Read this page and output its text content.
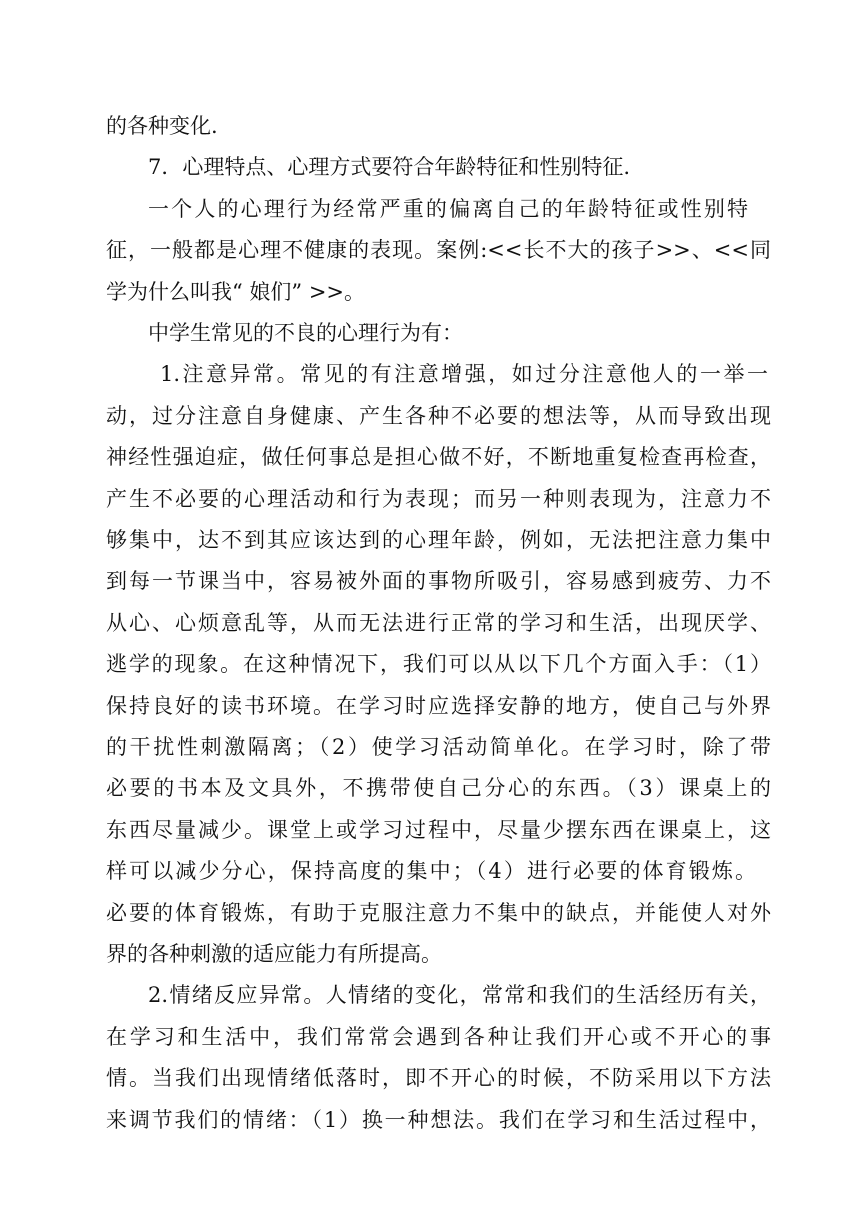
的各种变化.
7．心理特点、心理方式要符合年龄特征和性别特征.
一个人的心理行为经常严重的偏离自己的年龄特征或性别特
征，一般都是心理不健康的表现。案例:<<长不大的孩子>>、<<同
学为什么叫我“ 娘们” >>。
中学生常见的不良的心理行为有：
1.注意异常。常见的有注意增强，如过分注意他人的一举一
动，过分注意自身健康、产生各种不必要的想法等，从而导致出现
神经性强迫症，做任何事总是担心做不好，不断地重复检查再检查，
产生不必要的心理活动和行为表现；而另一种则表现为，注意力不
够集中，达不到其应该达到的心理年龄，例如，无法把注意力集中
到每一节课当中，容易被外面的事物所吸引，容易感到疲劳、力不
从心、心烦意乱等，从而无法进行正常的学习和生活，出现厌学、
逃学的现象。在这种情况下，我们可以从以下几个方面入手：（1）
保持良好的读书环境。在学习时应选择安静的地方，使自己与外界
的干扰性刺激隔离；（2）使学习活动简单化。在学习时，除了带
必要的书本及文具外，不携带使自己分心的东西。（3）课桌上的
东西尽量减少。课堂上或学习过程中，尽量少摆东西在课桌上，这
样可以减少分心，保持高度的集中；（4）进行必要的体育锻炼。
必要的体育锻炼，有助于克服注意力不集中的缺点，并能使人对外
界的各种刺激的适应能力有所提高。
2.情绪反应异常。人情绪的变化，常常和我们的生活经历有关，
在学习和生活中，我们常常会遇到各种让我们开心或不开心的事
情。当我们出现情绪低落时，即不开心的时候，不防采用以下方法
来调节我们的情绪：（1）换一种想法。我们在学习和生活过程中，
